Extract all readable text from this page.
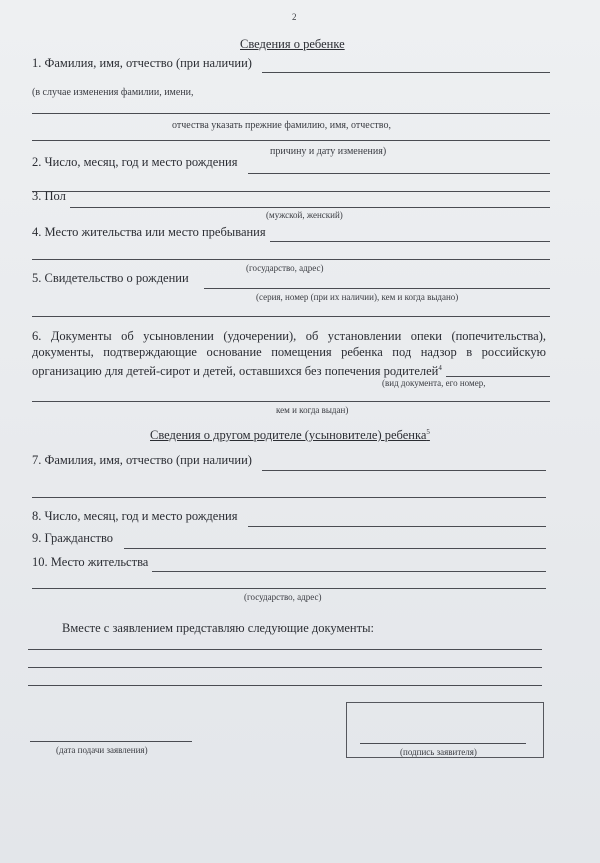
2
Сведения о ребенке
1. Фамилия, имя, отчество (при наличии)
(в случае изменения фамилии, имени,
отчества указать прежние фамилию, имя, отчество,
причину и дату изменения)
2. Число, месяц, год и место рождения
3. Пол
(мужской, женский)
4. Место жительства или место пребывания
(государство, адрес)
5. Свидетельство о рождении
(серия, номер (при их наличии), кем и когда выдано)
6. Документы об усыновлении (удочерении), об установлении опеки (попечительства), документы, подтверждающие основание помещения ребенка под надзор в российскую организацию для детей-сирот и детей, оставшихся без попечения родителей$^4$
(вид документа, его номер,
кем и когда выдан)
Сведения о другом родителе (усыновителе) ребенка$^5$
7. Фамилия, имя, отчество (при наличии)
8. Число, месяц, год и место рождения
9. Гражданство
10. Место жительства
(государство, адрес)
Вместе с заявлением представляю следующие документы:
(дата подачи заявления)	(подпись заявителя)
